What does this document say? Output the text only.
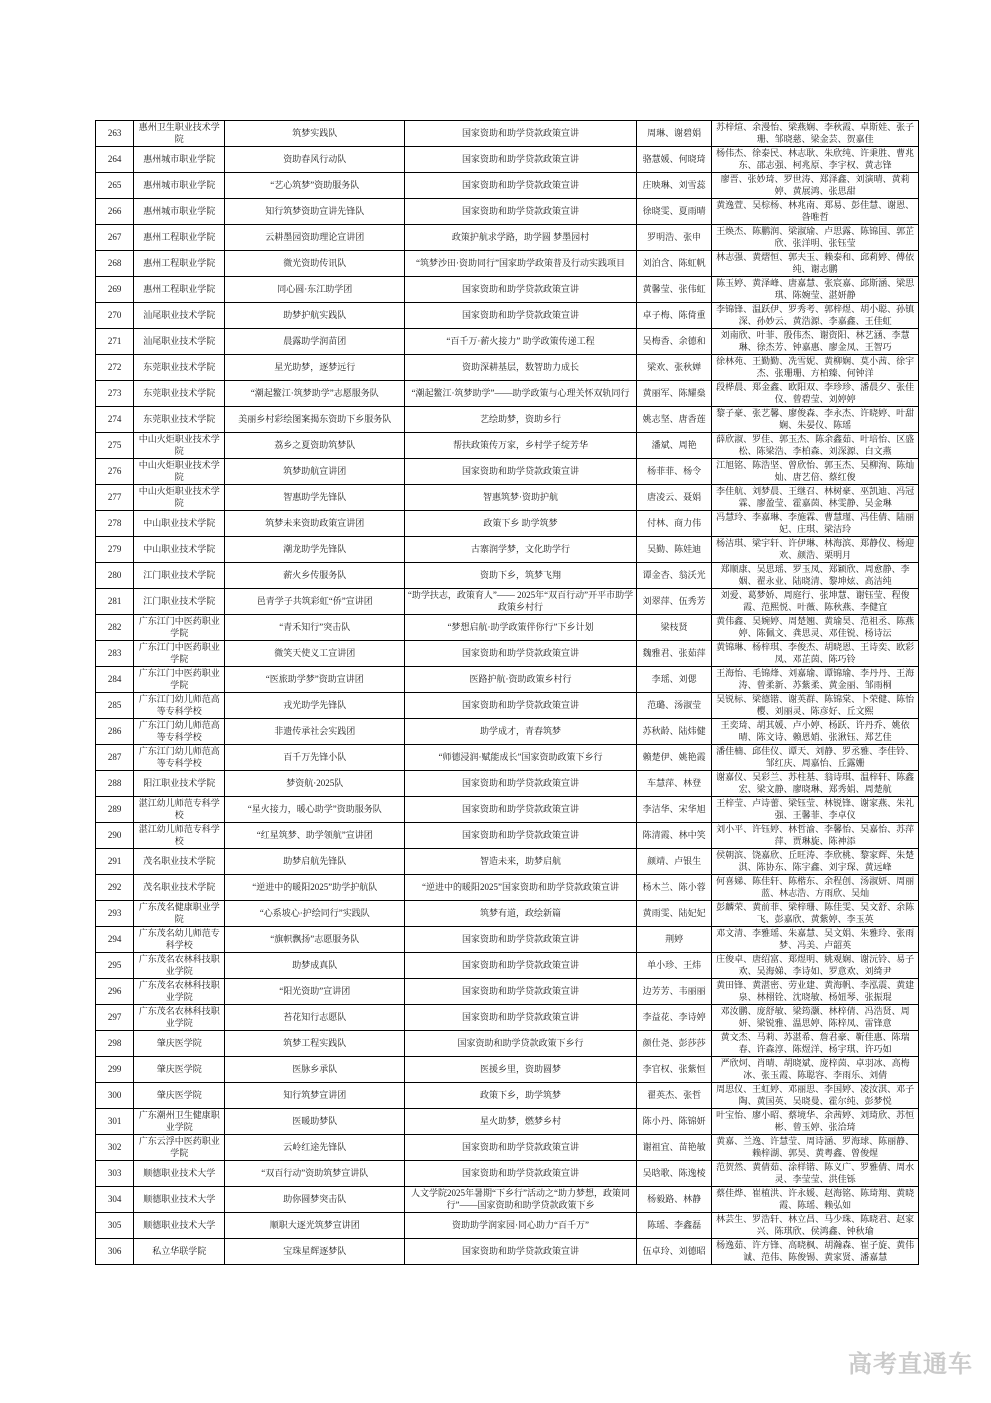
263	惠州卫生职业技术学院	筑梦实践队	国家资助和助学贷款政策宣讲	周琳、谢碧娟	苏梓煊、余漫怡、梁燕娴、李秋霞、卓斯娃、张子珊、邹晓慈、梁金芸、贺嘉佳
264	惠州城市职业学院	资助春风行动队	国家资助和助学贷款政策宣讲	骆慧媛、何晓琦	杨伟杰、徐泰民、林志耿、朱欣纯、许秉胜、曹兆东、邵志强、柯兆原、李宇权、黄志锋
265	惠州城市职业学院	“艺心筑梦”资助服务队	国家资助和助学贷款政策宣讲	庄映琳、刘雪蕊	廖晋、张妙琦、罗世涛、郑泽鑫、刘演晴、黄莉婷、黄展鸿、张思甜
266	惠州城市职业学院	知行筑梦资助宣讲先锋队	国家资助和助学贷款政策宣讲	徐晓雯、夏雨晴	黄逸萱、吴棕杨、林兆南、郑易、彭佳慧、谢恩、昝唯哲
267	惠州工程职业学院	云耕墨园资助理论宣讲团	政策护航求学路，助学圆 梦墨园村	罗明浩、张申	王焕杰、陈鹏润、梁淑瑜、卢思露、陈锦国、郭芷欣、张洋明、张钰莹
268	惠州工程职业学院	微光资助传讯队	“筑梦沙田·资助同行”国家助学政策普及行动实践项目	刘泊含、陈虹帆	林志强、黄熠恒、郭夫玉、赖泰和、邱莉婷、傅依纯、谢志鹏
269	惠州工程职业学院	同心圆·东江助学团	国家资助和助学贷款政策宣讲	黄馨莹、张伟虹	陈玉婷、黄泽峰、唐嘉慧、张宸嘉、邱斯涵、梁思琪、陈婉莹、湛妍静
270	汕尾职业技术学院	助梦护航实践队	国家资助和助学贷款政策宣讲	卓子梅、陈倚重	李锦锋、温跃伊、罗秀考、郭梓煜、胡小聪、孙镇深、孙妙云、黄浩源、李嘉鑫、王佳虹
271	汕尾职业技术学院	晨露助学润苗团	“百千万·薪火接力” 助学政策传递工程	吴梅香、余德和	刘南欣、叶菲、殷伟杰、谢资阳、林艺涵、李慧琳、徐杰芳、钟嘉惠、廖金凤、王智巧
272	东莞职业技术学院	星光助梦，逐梦远行	资助深耕基层，数智助力成长	梁欢、张秋婵	徐林苑、王勤勤、冼雪妮、黄柳娴、莫小茜、徐宇杰、张珊珊、方柏臻、何钟洋
273	东莞职业技术学院	“潮起鳘江·筑梦助学”志愿服务队	“潮起鳘江·筑梦助学”——助学政策与心理关怀双轨同行	黄丽军、陈耀燊	段桦晨、郑金鑫、欧阳双、李珍珍、潘晨夕、张佳仪、曾碧莹、刘婷婷
274	东莞职业技术学院	美丽乡村彩绘图案揭东资助下乡服务队	艺绘助梦，资助乡行	姚志坚、唐香莲	黎子豪、张艺馨、廖俊森、李永杰、许晓婷、叶甜娴、朱晏仪、陈瑶
275	中山火炬职业技术学院	荔乡之夏资助筑梦队	帮扶政策传万家，乡村学子绽芳华	潘斌、周艳	薛欣淑、罗佳、郭玉杰、陈余鑫茹、叶培怡、区盛松、陈梁浩、李柏森、刘深源、白文燕
276	中山火炬职业技术学院	筑梦助航宣讲团	国家资助和助学贷款政策宣讲	杨菲菲、杨令	江旭铭、陈浩坚、曾欣怡、郭玉杰、吴柳洵、陈灿灿、唐艺倍、蔡红俊
277	中山火炬职业技术学院	智惠助学先锋队	智惠筑梦·资助护航	唐凌云、聂娟	李佳航、刘梦晨、王继召、林树豪、巫凯迪、冯冠霖、廖盈莹、霍嘉茵、林雯静、吴金琳
278	中山职业技术学院	筑梦未来资助政策宣讲团	政策下乡 助学筑梦	付林、商力伟	冯慧玲、李嘉琳、李施霖、曹慧瑾、冯佳倩、陆丽妃、庄琪、梁洁玲
279	中山职业技术学院	潮龙助学先锋队	古寨润学梦，文化助学行	吴勤、陈娃迪	杨洁琪、梁宇轩、许伊琳、林海滨、郑静仪、杨迎欢、颜浩、栗明月
280	江门职业技术学院	薪火乡传服务队	资助下乡，筑梦飞翔	谭金杏、翁沃光	郑顺康、吴思瑶、罗玉凤、郑颖欣、周愈静、李姻、翟永业、陆晓清、黎坤炫、高洁纯
281	江门职业技术学院	邑青学子共筑彩虹“侨”宣讲团	“助学扶志，政策育人”—— 2025年“双百行动”开平市助学政策乡村行	刘翠萍、伍秀芳	刘爱、葛梦娇、周庭行、张坤慧、谢钰莹、程俊霞、范熙悦、叶薇、陈秋燕、李健宜
282	广东江门中医药职业学院	“青禾知行”突击队	“梦想启航·助学政策伴你行”下乡计划	梁枝贤	黄伟鑫、吴婉婷、周楚翘、黄瑜昊、范祖丞、陈燕婷、陈佩文、龚思灵、邓佳锐、杨诗沄
283	广东江门中医药职业学院	微笑天使义工宣讲团	国家资助和助学贷款政策宣讲	魏雅君、张茹萍	黄锦琳、杨梓琪、李俊杰、胡晓恩、王诗奕、欧彩凤、邓芷茵、陈巧铃
284	广东江门中医药职业学院	“医旅助学梦”资助宣讲团	医路护航·资助政策乡村行	李瑶、刘偲	王海怡、毛锦烽、刘嘉瑜、谭锦瑜、李丹丹、王海涛、曾柔新、苏紫柔、黄金丽、邹雨桐
285	广东江门幼儿师范高等专科学校	戎光助学先锋队	国家资助和助学贷款政策宣讲	范璐、汤淑莹	吴锐标、梁德锴、谢英群、陈锦棠、卜荣健、陈怡樱、刘丽灵、陈彦好、丘文熙
286	广东江门幼儿师范高等专科学校	非遗传承社会实践团	助学成才，青春筑梦	苏秋龄、陆炜健	王奕琦、胡其媛、卢小婷、杨跃、许丹乔、姚依晴、陈文诗、赖恩娋、张湫钰、郑艺佳
287	广东江门幼儿师范高等专科学校	百千万先锋小队	“师德浸润·赋能成长”国家资助政策下乡行	赖楚伊、姚艳霞	潘佳楠、邱佳仪、谭天、刘静、罗丞雅、李佳铃、邹红庆、周嘉怡、丘露姗
288	阳江职业技术学院	梦资航·2025队	国家资助和助学贷款政策宣讲	车慧萍、林登	谢嘉仪、吴彩兰、苏柱基、翁诗琪、温梓轩、陈鑫宏、梁文静、廖晓琳、郑秀娟、周楚航
289	湛江幼儿师范专科学校	“星火接力，暖心助学”资助服务队	国家资助和助学贷款政策宣讲	李洁华、宋华旭	王梓莹、卢诗蕾、梁钰莹、林锐锋、谢家燕、朱礼强、王馨菲、李卓仪
290	湛江幼儿师范专科学校	“红星筑梦、助学领航”宣讲团	国家资助和助学贷款政策宣讲	陈清霞、林中笑	刘小平、许钰婷、林哲渝、李馨怡、吴嘉怡、苏萍萍、贾琳旋、陈神添
291	茂名职业技术学院	助梦启航先锋队	智造未来，助梦启航	颜靖、卢银生	侯朝滨、饶嘉欣、丘旺涛、李欣桃、黎家辉、朱楚淇、陈协东、陈宇鑫、刘宇琛、黄远峰
292	茂名职业技术学院	“逆进中的暖阳2025”助学护航队	“逆进中的暖阳2025”国家资助和助学贷款政策宣讲	杨木兰、陈小蓉	何喜娣、陈佳轩、陈楷东、余程创、汤淑妍、周丽蓝、林志浩、方雨欣、吴灿
293	广东茂名健康职业学院	“心系坡心·护绘同行”实践队	筑梦有道，政绘新篇	黄雨雯、陆妃妃	彭麟荣、黄前菲、梁梓珊、陈佳雯、吴文舒、余陈飞、彭嘉欣、黄紫婷、李玉英
294	广东茂名幼儿师范专科学校	“旗帜飘扬”志愿服务队	国家资助和助学贷款政策宣讲	荆婷	邓文清、李雅瑶、朱嘉慧、吴文娟、朱雅玲、张雨梦、冯美、卢韶英
295	广东茂名农林科技职业学院	助梦成真队	国家资助和助学贷款政策宣讲	单小珍、王炜	庄俊卓、唐绍富、郑煜明、姚观娴、谢沅铃、易子欢、吴海娣、李诗如、罗意欢、刘绮尹
296	广东茂名农林科技职业学院	“阳光资助”宣讲团	国家资助和助学贷款政策宣讲	边芳芳、韦丽丽	黄田锋、黄湛密、劳业建、黄海帆、李泓震、黄建泉、林栩铨、沈晓敏、杨妞琴、张振琨
297	广东茂名农林科技职业学院	苔花知行志愿队	国家资助和助学贷款政策宣讲	李益花、李诗婷	邓汝鹏、庞舒敏、梁筠灏、林梓倩、冯浩贤、周妍、梁锐雅、温思婷、陈梓凤、雷锋意
298	肇庆医学院	筑梦工程实践队	国家资助和助学贷款政策下乡行	颜仕尧、彭莎莎	黄文杰、马莉、苏湛希、詹君豪、靳佳惠、陈瑞春、许森淳、陈煜洋、杨宇琪、许巧如
299	肇庆医学院	医脉乡承队	医援乡里，资助圆梦	李官权、张紫恒	严欣炣、肖晴、胡晓斌、庞梓茵、卓羽冰、高梅冰、张玉霞、陈聪容、李雨乐、刘倩
300	肇庆医学院	知行筑梦宣讲团	政策下乡，助学筑梦	翟英杰、张哲	周思仪、王虹婷、邓丽思、李国婷、凌汝淇、邓子陶、黄国英、吴晓曼、霍尔纯、彭梦悦
301	广东潮州卫生健康职业学院	医暖助梦队	星火助梦，燃梦乡村	陈小丹、陈锦妍	叶宝怡、廖小昭、蔡境华、余茜婷、刘琦欣、苏恒彬、曾玉婷、张洽琦
302	广东云浮中医药职业学院	云岭红途先锋队	国家资助和助学贷款政策宣讲	谢祖宜、苗艳敏	黄嘉、兰逸、许慧莹、周诗涵、罗海球、陈丽静、赖梓湖、郭昊、黄粤鑫、曾俊煋
303	顺德职业技术大学	“双百行动”资助筑梦宣讲队	国家资助和助学贷款政策宣讲	吴晗歌、陈逸棱	范贺然、黄倩茹、涂样锴、陈义广、罗雅倩、周水灵、李莹莹、洪佳铄
304	顺德职业技术大学	助你圆梦突击队	人文学院2025年暑期“下乡行”活动之“助力梦想，政策同行”——国家资助和助学贷款政策下乡	杨毅路、林静	蔡佳烨、崔植洪、许永媛、赵海铭、陈琦翔、黄晓霞、陈瑶、赖弘如
305	顺德职业技术大学	顺职大逐光筑梦宣讲团	资助助学润家园·同心助力“百千万”	陈瑶、李鑫磊	林芸生、罗浩轩、林立昌、马少珠、陈晓君、赵家兴、陈琪欣、侯鸿鑫、钟秋瑜
306	私立华联学院	宝珠星辉逐梦队	国家资助和助学贷款政策宣讲	伍卓玲、刘德昭	杨逸茹、许方锋、高晓枫、胡瀚森、崔子旋、黄伟诚、范伟、陈俊锡、黄家贤、潘嘉慧
高考直通车
